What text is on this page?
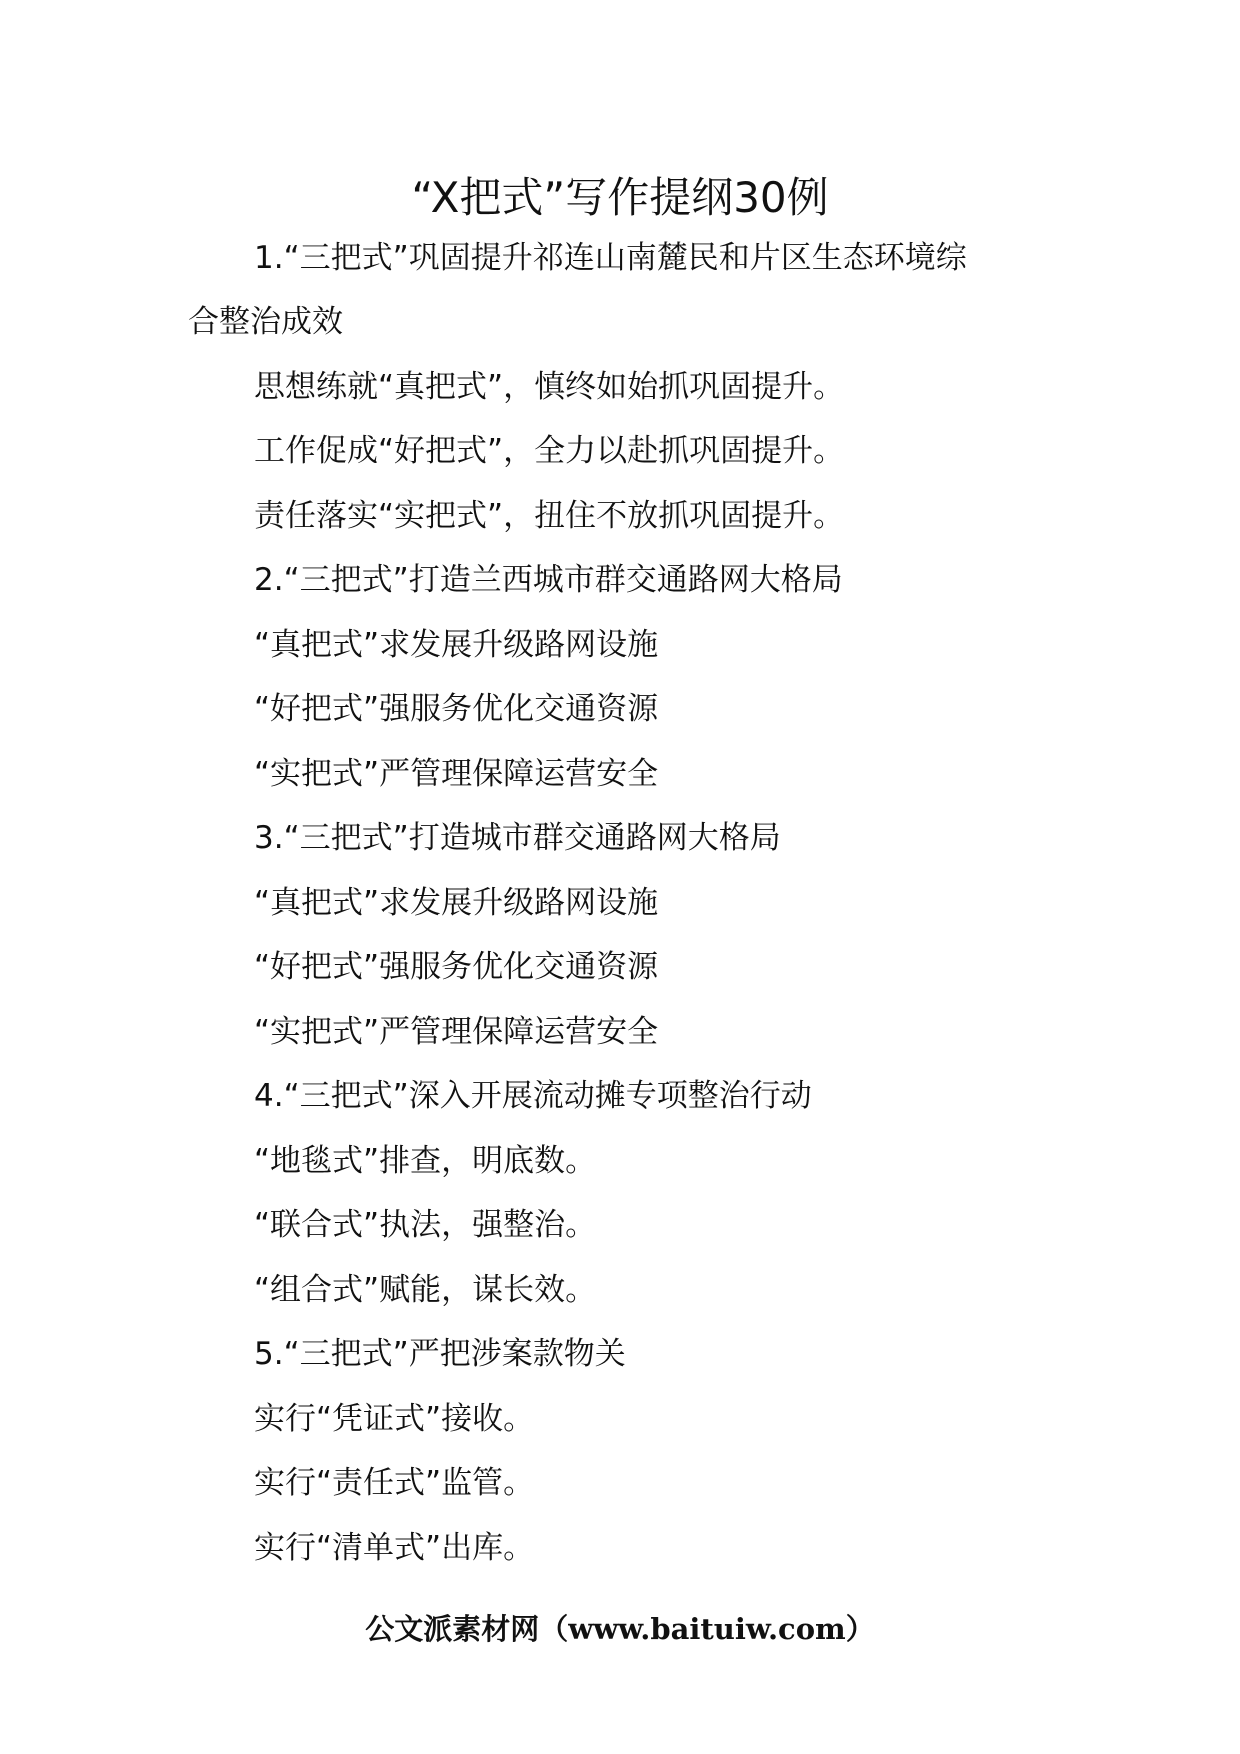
“X把式”写作提纲30例
1.“三把式”巩固提升祁连山南麓民和片区生态环境综
合整治成效
思想练就“真把式”，慎终如始抓巩固提升。
工作促成“好把式”，全力以赴抓巩固提升。
责任落实“实把式”，扭住不放抓巩固提升。
2.“三把式”打造兰西城市群交通路网大格局
“真把式”求发展升级路网设施
“好把式”强服务优化交通资源
“实把式”严管理保障运营安全
3.“三把式”打造城市群交通路网大格局
“真把式”求发展升级路网设施
“好把式”强服务优化交通资源
“实把式”严管理保障运营安全
4.“三把式”深入开展流动摊专项整治行动
“地毯式”排查，明底数。
“联合式”执法，强整治。
“组合式”赋能，谋长效。
5.“三把式”严把涉案款物关
实行“凭证式”接收。
实行“责任式”监管。
实行“清单式”出库。
公文派素材网（www.baituiw.com）
